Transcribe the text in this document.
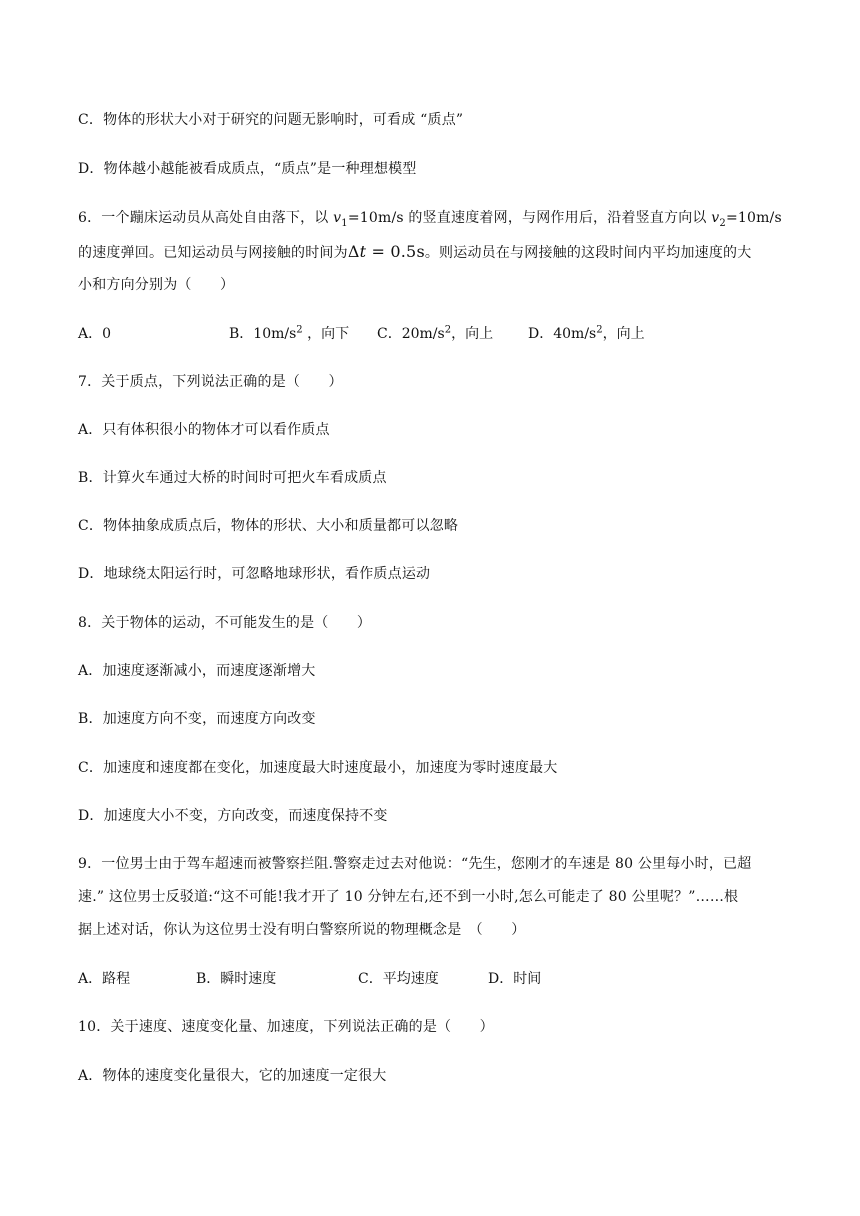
C．物体的形状大小对于研究的问题无影响时，可看成 “质点”
D．物体越小越能被看成质点，“质点”是一种理想模型
6．一个蹦床运动员从高处自由落下，以 $v_1=10m/s$ 的竖直速度着网，与网作用后，沿着竖直方向以 $v_2=10m/s$
的速度弹回。已知运动员与网接触的时间为Δt = 0.5s。则运动员在与网接触的这段时间内平均加速度的大
小和方向分别为（　　）
A．0	B．$10m/s^2$ ，向下 C．$20m/s^2$，向上 D．$40m/s^2$，向上
7．关于质点，下列说法正确的是（　　）
A．只有体积很小的物体才可以看作质点
B．计算火车通过大桥的时间时可把火车看成质点
C．物体抽象成质点后，物体的形状、大小和质量都可以忽略
D．地球绕太阳运行时，可忽略地球形状，看作质点运动
8．关于物体的运动，不可能发生的是（　　）
A．加速度逐渐减小，而速度逐渐增大
B．加速度方向不变，而速度方向改变
C．加速度和速度都在变化，加速度最大时速度最小，加速度为零时速度最大
D．加速度大小不变，方向改变，而速度保持不变
9．一位男士由于驾车超速而被警察拦阻.警察走过去对他说：“先生，您刚才的车速是 80 公里每小时，已超
速.” 这位男士反驳道:“这不可能!我才开了 10 分钟左右,还不到一小时,怎么可能走了 80 公里呢？”……根
据上述对话，你认为这位男士没有明白警察所说的物理概念是　（　　）
A．路程	B．瞬时速度	C．平均速度	D．时间
10．关于速度、速度变化量、加速度，下列说法正确的是（　　）
A．物体的速度变化量很大，它的加速度一定很大
